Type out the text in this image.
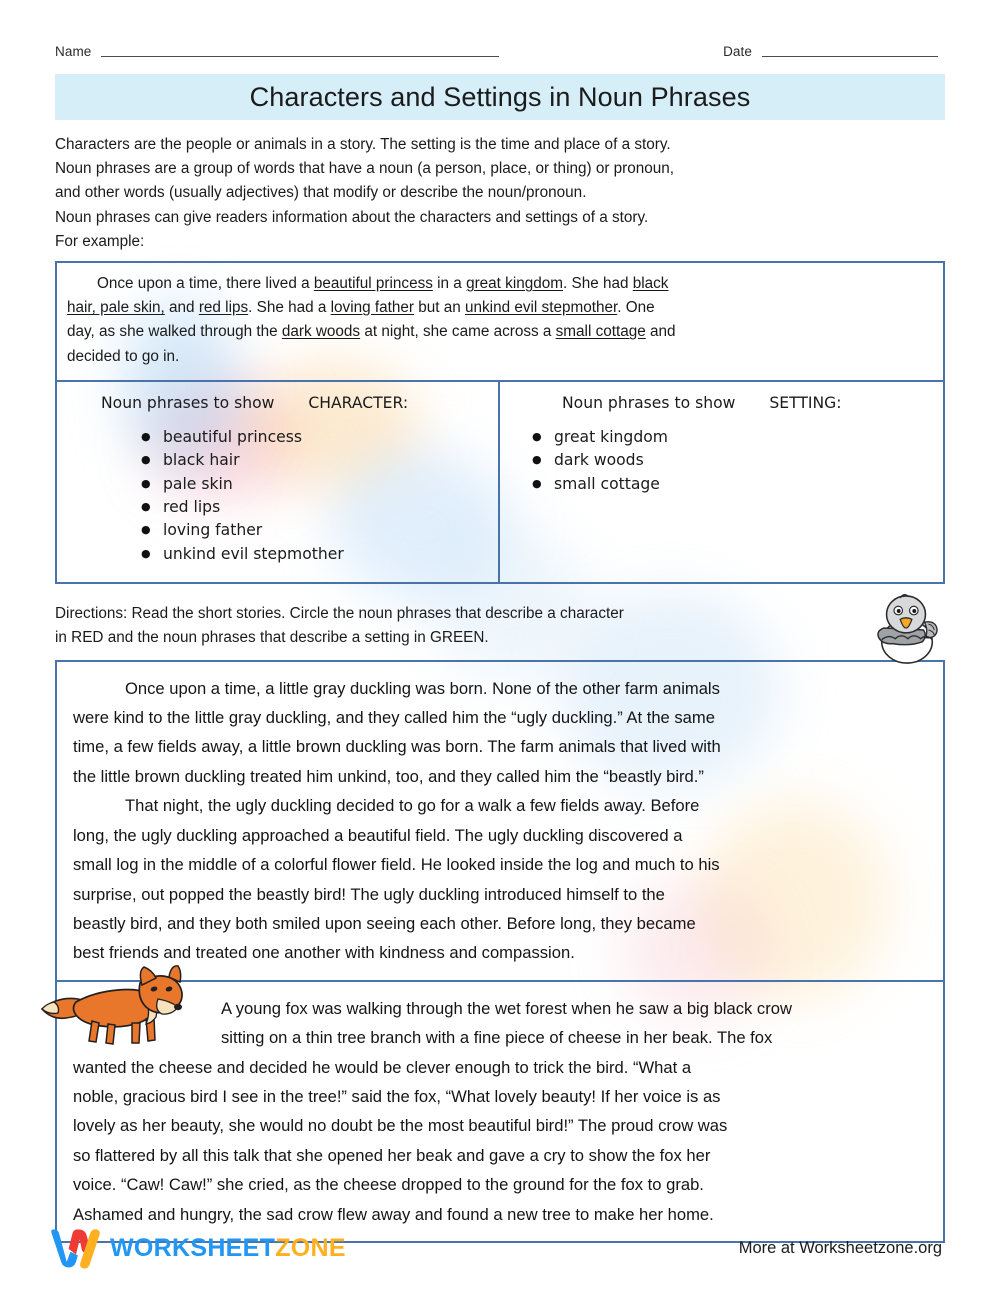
Name	Date
Characters and Settings in Noun Phrases

Characters are the people or animals in a story. The setting is the time and place of a story.

Noun phrases are a group of words that have a noun (a person, place, or thing) or pronoun,

and other words (usually adjectives) that modify or describe the noun/pronoun.

Noun phrases can give readers information about the characters and settings of a story.

For example:

Once upon a time, there lived a beautiful princess in a great kingdom. She had black

hair, pale skin, and red lips. She had a loving father but an unkind evil stepmother. One

day, as she walked through the dark woods at night, she came across a small cottage and

decided to go in.

Noun phrases to show CHARACTER:
● beautiful princess
● black hair
● pale skin
● red lips
● loving father
● unkind evil stepmother
Noun phrases to show SETTING:
● great kingdom
● dark woods
● small cottage

Directions: Read the short stories. Circle the noun phrases that describe a character

in RED and the noun phrases that describe a setting in GREEN.

Once upon a time, a little gray duckling was born. None of the other farm animals

were kind to the little gray duckling, and they called him the “ugly duckling.” At the same

time, a few fields away, a little brown duckling was born. The farm animals that lived with

the little brown duckling treated him unkind, too, and they called him the “beastly bird.”

That night, the ugly duckling decided to go for a walk a few fields away. Before

long, the ugly duckling approached a beautiful field. The ugly duckling discovered a

small log in the middle of a colorful flower field. He looked inside the log and much to his

surprise, out popped the beastly bird! The ugly duckling introduced himself to the

beastly bird, and they both smiled upon seeing each other. Before long, they became

best friends and treated one another with kindness and compassion.

A young fox was walking through the wet forest when he saw a big black crow

sitting on a thin tree branch with a fine piece of cheese in her beak. The fox

wanted the cheese and decided he would be clever enough to trick the bird. “What a

noble, gracious bird I see in the tree!” said the fox, “What lovely beauty! If her voice is as

lovely as her beauty, she would no doubt be the most beautiful bird!” The proud crow was

so flattered by all this talk that she opened her beak and gave a cry to show the fox her

voice. “Caw! Caw!” she cried, as the cheese dropped to the ground for the fox to grab.

Ashamed and hungry, the sad crow flew away and found a new tree to make her home.

WORKSHEETZONE	More at Worksheetzone.org
